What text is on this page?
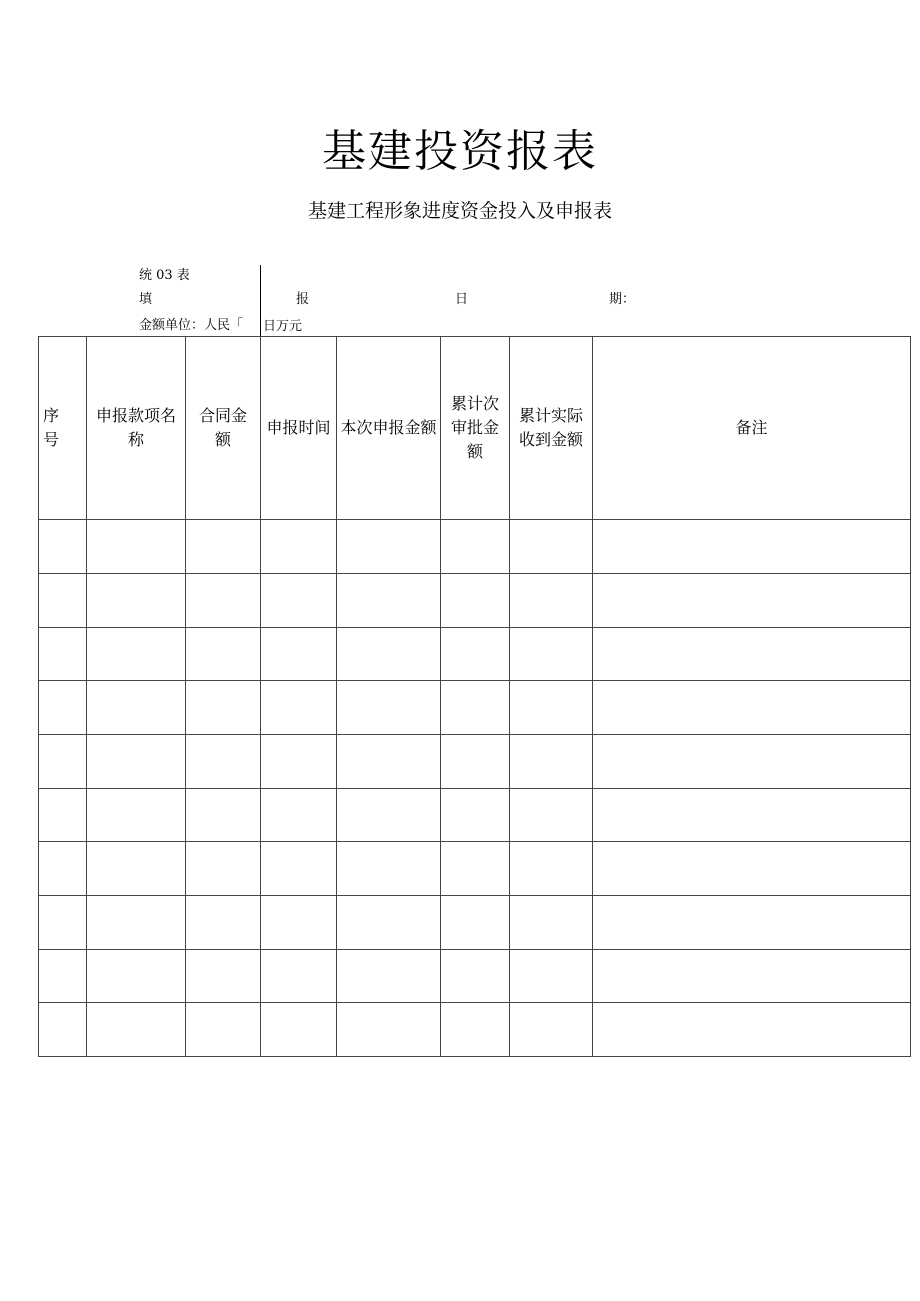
基建投资报表
基建工程形象进度资金投入及申报表
统 03 表
填	报	日	期：
金额单位：人民「 日万元
序号	申报款项名称	合同金额	申报时间	本次申报金额	累计次审批金额	累计实际收到金额	备注
